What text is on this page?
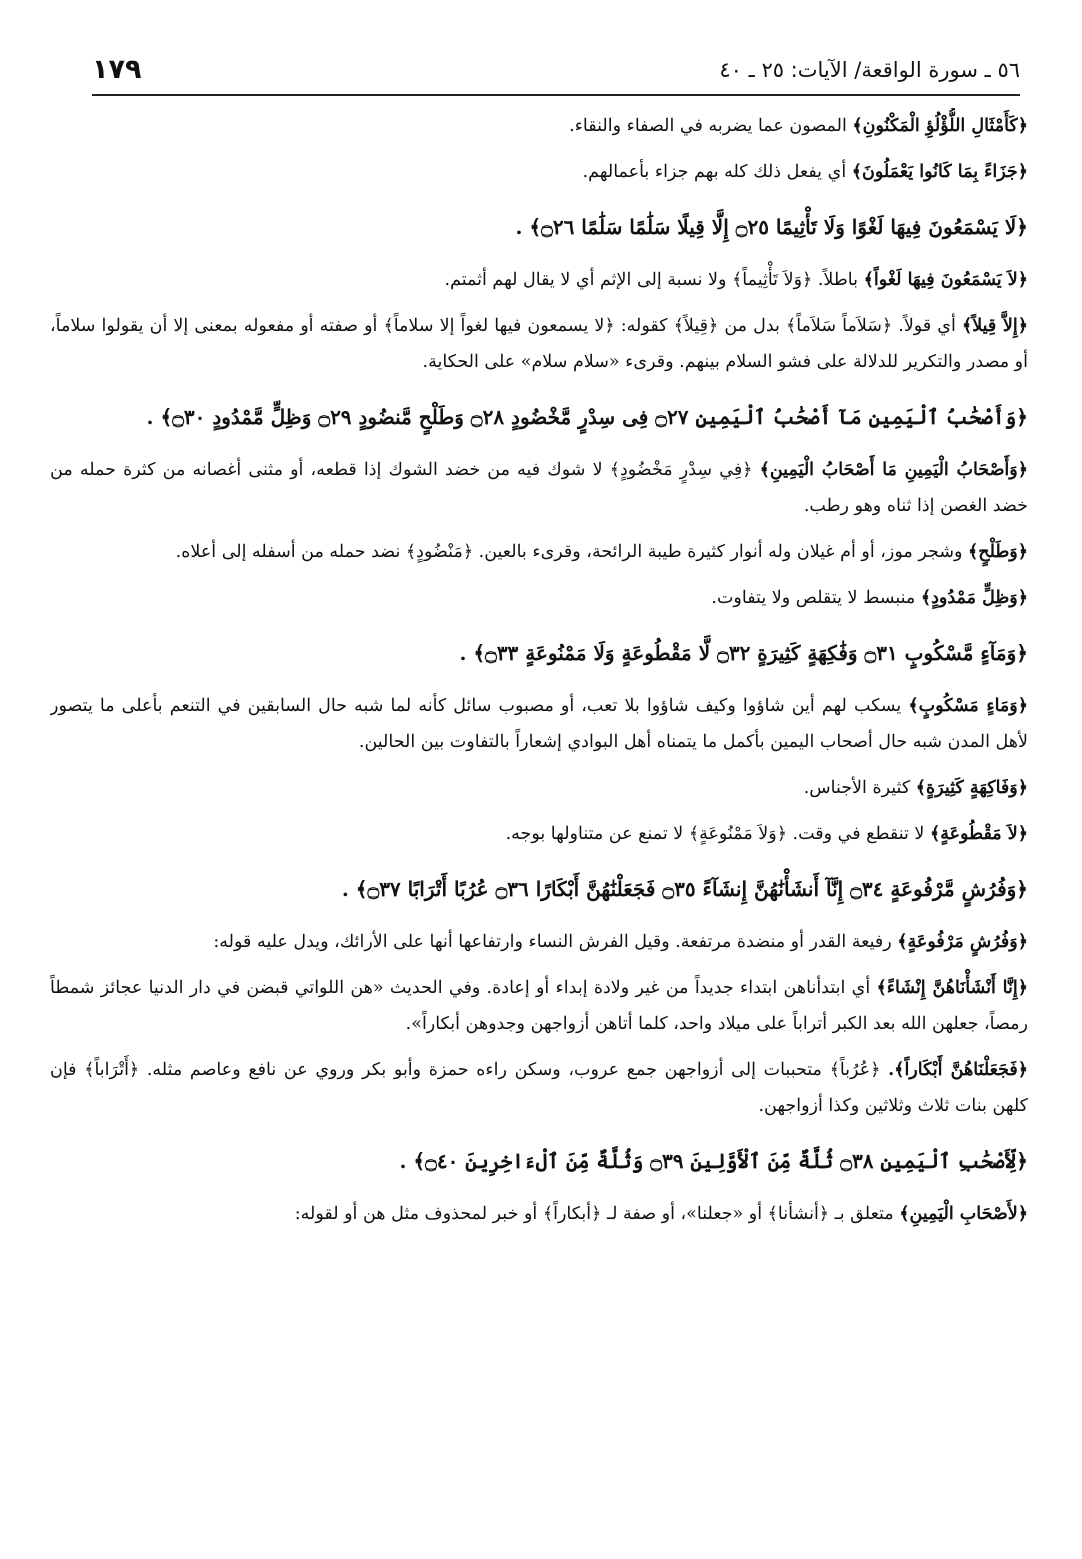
٥٦ ـ سورة الواقعة/ الآيات: ٢٥ ـ ٤٠
١٧٩

﴿كَأَمْثَالِ اللُّؤْلُؤِ الْمَكْنُونِ﴾ المصون عما يضربه في الصفاء والنقاء.

﴿جَزَاءً بِمَا كَانُوا يَعْمَلُونَ﴾ أي يفعل ذلك كله بهم جزاء بأعمالهم.

﴿لَا يَسْمَعُونَ فِيهَا لَغْوًا وَلَا تَأْثِيمًا ۝٢٥ إِلَّا قِيلًا سَلَٰمًا سَلَٰمًا ۝٢٦﴾ .

﴿لاَ يَسْمَعُونَ فِيهَا لَغْواً﴾ باطلاً. ﴿وَلاَ تَأْثِيماً﴾ ولا نسبة إلى الإثم أي لا يقال لهم أثمتم.

﴿إِلاَّ قِيلاً﴾ أي قولاً. ﴿سَلاَماً سَلاَماً﴾ بدل من ﴿قِيلاً﴾ كقوله: ﴿لا يسمعون فيها لغواً إلا سلاماً﴾ أو صفته أو مفعوله بمعنى إلا أن يقولوا سلاماً، أو مصدر والتكرير للدلالة على فشو السلام بينهم. وقرىء «سلام سلام» على الحكاية.

﴿وَأَصْحَٰبُ ٱلْيَمِينِ مَآ أَصْحَٰبُ ٱلْيَمِينِ ۝٢٧ فِى سِدْرٍ مَّخْضُودٍ ۝٢٨ وَطَلْحٍ مَّنضُودٍ ۝٢٩ وَظِلٍّ مَّمْدُودٍ ۝٣٠﴾ .

﴿وَأَصْحَابُ الْيَمِينِ مَا أَصْحَابُ الْيَمِينِ﴾ ﴿فِي سِدْرٍ مَخْضُودٍ﴾ لا شوك فيه من خضد الشوك إذا قطعه، أو مثنى أغصانه من كثرة حمله من خضد الغصن إذا ثناه وهو رطب.

﴿وَطَلْحٍ﴾ وشجر موز، أو أم غيلان وله أنوار كثيرة طيبة الرائحة، وقرىء بالعين. ﴿مَنْضُودٍ﴾ نضد حمله من أسفله إلى أعلاه.

﴿وَظِلٍّ مَمْدُودٍ﴾ منبسط لا يتقلص ولا يتفاوت.

﴿وَمَآءٍ مَّسْكُوبٍ ۝٣١ وَفَٰكِهَةٍ كَثِيرَةٍ ۝٣٢ لَّا مَقْطُوعَةٍ وَلَا مَمْنُوعَةٍ ۝٣٣﴾ .

﴿وَمَاءٍ مَسْكُوبٍ﴾ يسكب لهم أين شاؤوا وكيف شاؤوا بلا تعب، أو مصبوب سائل كأنه لما شبه حال السابقين في التنعم بأعلى ما يتصور لأهل المدن شبه حال أصحاب اليمين بأكمل ما يتمناه أهل البوادي إشعاراً بالتفاوت بين الحالين.

﴿وَفَاكِهَةٍ كَثِيرَةٍ﴾ كثيرة الأجناس.

﴿لاَ مَقْطُوعَةٍ﴾ لا تنقطع في وقت. ﴿وَلاَ مَمْنُوعَةٍ﴾ لا تمنع عن متناولها بوجه.

﴿وَفُرُشٍ مَّرْفُوعَةٍ ۝٣٤ إِنَّآ أَنشَأْنَٰهُنَّ إِنشَآءً ۝٣٥ فَجَعَلْنَٰهُنَّ أَبْكَارًا ۝٣٦ عُرُبًا أَتْرَابًا ۝٣٧﴾ .

﴿وَفُرُشٍ مَرْفُوعَةٍ﴾ رفيعة القدر أو منضدة مرتفعة. وقيل الفرش النساء وارتفاعها أنها على الأرائك، ويدل عليه قوله:

﴿إِنَّا أَنْشَأْنَاهُنَّ إِنْشَاءً﴾ أي ابتدأناهن ابتداء جديداً من غير ولادة إبداء أو إعادة. وفي الحديث «هن اللواتي قبضن في دار الدنيا عجائز شمطاً رمصاً، جعلهن الله بعد الكبر أتراباً على ميلاد واحد، كلما أتاهن أزواجهن وجدوهن أبكاراً».

﴿فَجَعَلْنَاهُنَّ أَبْكَاراً﴾. ﴿عُرُباً﴾ متحببات إلى أزواجهن جمع عروب، وسكن راءه حمزة وأبو بكر وروي عن نافع وعاصم مثله. ﴿أَتْرَاباً﴾ فإن كلهن بنات ثلاث وثلاثين وكذا أزواجهن.

﴿لِّأَصْحَٰبِ ٱلْيَمِينِ ۝٣٨ ثُلَّةٌ مِّنَ ٱلْأَوَّلِينَ ۝٣٩ وَثُلَّةٌ مِّنَ ٱلْءَاخِرِينَ ۝٤٠﴾ .

﴿لأَصْحَابِ الْيَمِينِ﴾ متعلق بـ ﴿أنشأنا﴾ أو «جعلنا»، أو صفة لـ ﴿أبكاراً﴾ أو خبر لمحذوف مثل هن أو لقوله:
